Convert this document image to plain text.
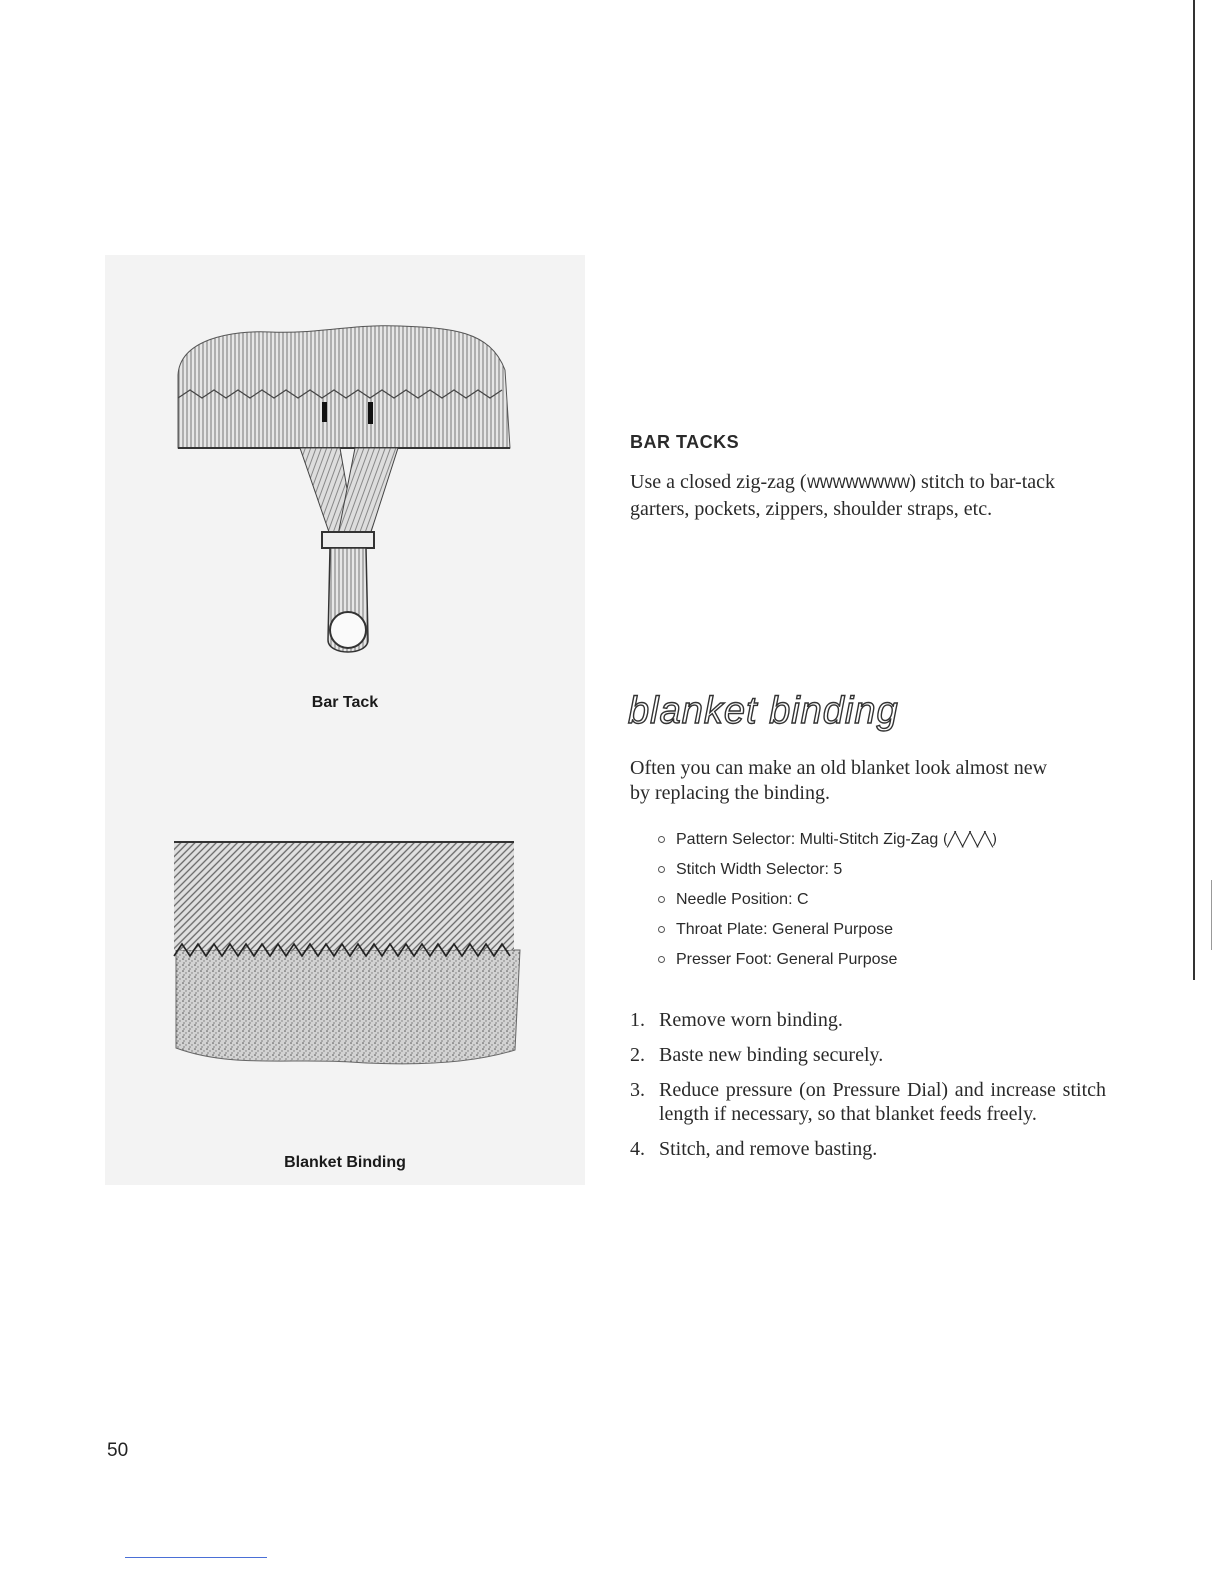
Bar Tack
Blanket Binding
BAR TACKS
Use a closed zig-zag (WWWWWWWW) stitch to bar-tack
garters, pockets, zippers, shoulder straps, etc.
blanket binding
Often you can make an old blanket look almost new
by replacing the binding.
Pattern Selector: Multi-Stitch Zig-Zag (╱╲╱╲╱╲)
Stitch Width Selector: 5
Needle Position: C
Throat Plate: General Purpose
Presser Foot: General Purpose
1. Remove worn binding.
2. Baste new binding securely.
3. Reduce pressure (on Pressure Dial) and increase stitch length if necessary, so that blanket feeds freely.
4. Stitch, and remove basting.
50
